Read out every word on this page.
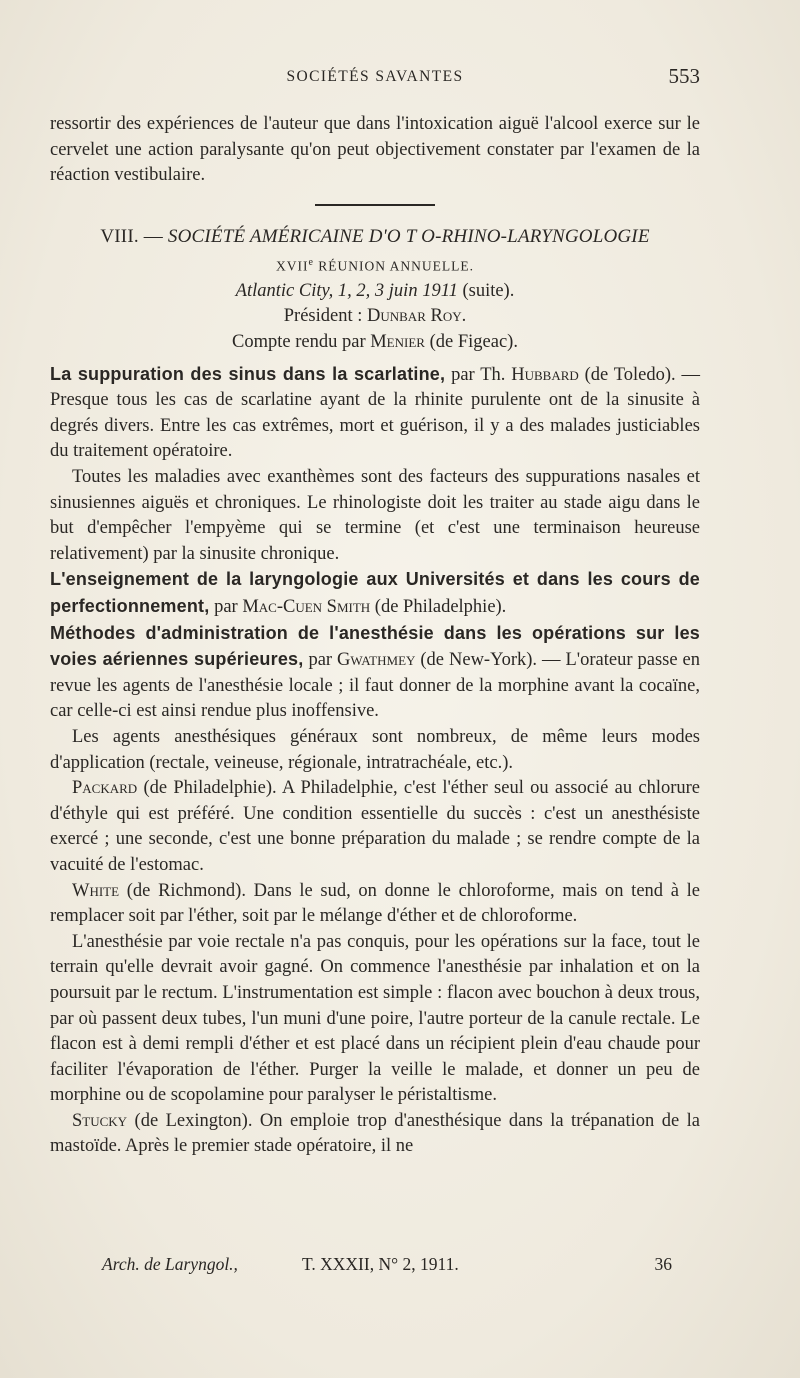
SOCIÉTÉS SAVANTES	553

ressortir des expériences de l'auteur que dans l'intoxication aiguë l'alcool exerce sur le cervelet une action paralysante qu'on peut objectivement constater par l'examen de la réaction vestibulaire.

VIII. — SOCIÉTÉ AMÉRICAINE D'O T O-RHINO-LARYNGOLOGIE
XVIIe RÉUNION ANNUELLE.
Atlantic City, 1, 2, 3 juin 1911 (suite).
Président : Dunbar Roy.
Compte rendu par Menier (de Figeac).

La suppuration des sinus dans la scarlatine, par Th. Hubbard (de Toledo). — Presque tous les cas de scarlatine ayant de la rhinite purulente ont de la sinusite à degrés divers. Entre les cas extrêmes, mort et guérison, il y a des malades justiciables du traitement opératoire.

Toutes les maladies avec exanthèmes sont des facteurs des suppurations nasales et sinusiennes aiguës et chroniques. Le rhinologiste doit les traiter au stade aigu dans le but d'empêcher l'empyème qui se termine (et c'est une terminaison heureuse relativement) par la sinusite chronique.

L'enseignement de la laryngologie aux Universités et dans les cours de perfectionnement, par Mac-Cuen Smith (de Philadelphie).

Méthodes d'administration de l'anesthésie dans les opérations sur les voies aériennes supérieures, par Gwathmey (de New-York). — L'orateur passe en revue les agents de l'anesthésie locale ; il faut donner de la morphine avant la cocaïne, car celle-ci est ainsi rendue plus inoffensive.

Les agents anesthésiques généraux sont nombreux, de même leurs modes d'application (rectale, veineuse, régionale, intratrachéale, etc.).

Packard (de Philadelphie). A Philadelphie, c'est l'éther seul ou associé au chlorure d'éthyle qui est préféré. Une condition essentielle du succès : c'est un anesthésiste exercé ; une seconde, c'est une bonne préparation du malade ; se rendre compte de la vacuité de l'estomac.

White (de Richmond). Dans le sud, on donne le chloroforme, mais on tend à le remplacer soit par l'éther, soit par le mélange d'éther et de chloroforme.

L'anesthésie par voie rectale n'a pas conquis, pour les opérations sur la face, tout le terrain qu'elle devrait avoir gagné. On commence l'anesthésie par inhalation et on la poursuit par le rectum. L'instrumentation est simple : flacon avec bouchon à deux trous, par où passent deux tubes, l'un muni d'une poire, l'autre porteur de la canule rectale. Le flacon est à demi rempli d'éther et est placé dans un récipient plein d'eau chaude pour faciliter l'évaporation de l'éther. Purger la veille le malade, et donner un peu de morphine ou de scopolamine pour paralyser le péristaltisme.

Stucky (de Lexington). On emploie trop d'anesthésique dans la trépanation de la mastoïde. Après le premier stade opératoire, il ne

Arch. de Laryngol.,	T. XXXII, N° 2, 1911.	36
